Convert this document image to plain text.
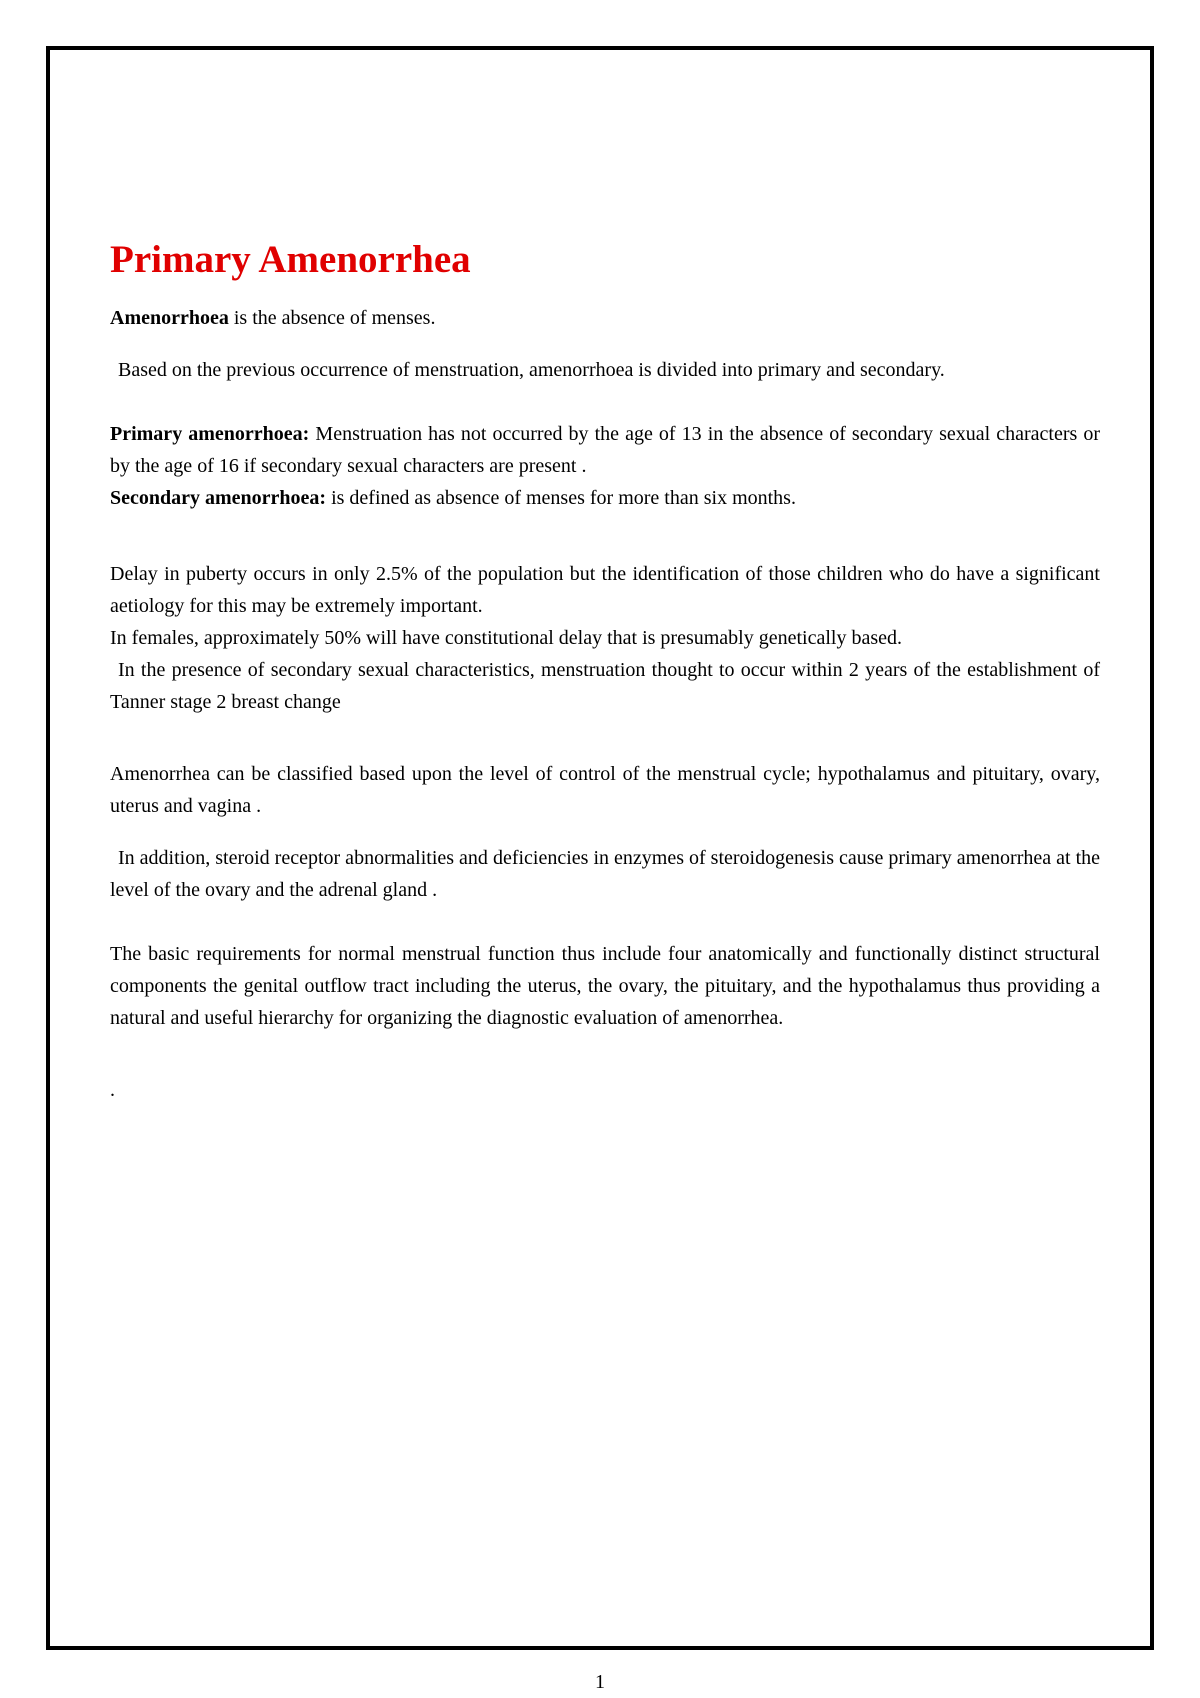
Primary Amenorrhea

Amenorrhoea is the absence of menses.

Based on the previous occurrence of menstruation, amenorrhoea is divided into primary and secondary.

Primary amenorrhoea: Menstruation has not occurred by the age of 13 in the absence of secondary sexual characters or by the age of 16 if secondary sexual characters are present .

Secondary amenorrhoea: is defined as absence of menses for more than six months.

Delay in puberty occurs in only 2.5% of the population but the identification of those children who do have a significant aetiology for this may be extremely important.

In females, approximately 50% will have constitutional delay that is presumably genetically based.

In the presence of secondary sexual characteristics, menstruation thought to occur within 2 years of the establishment of Tanner stage 2 breast change

Amenorrhea can be classified based upon the level of control of the menstrual cycle; hypothalamus and pituitary, ovary, uterus and vagina .

In addition, steroid receptor abnormalities and deficiencies in enzymes of steroidogenesis cause primary amenorrhea at the level of the ovary and the adrenal gland .

The basic requirements for normal menstrual function thus include four anatomically and functionally distinct structural components the genital outflow tract including the uterus, the ovary, the pituitary, and the hypothalamus thus providing a natural and useful hierarchy for organizing the diagnostic evaluation of amenorrhea.

.

1
